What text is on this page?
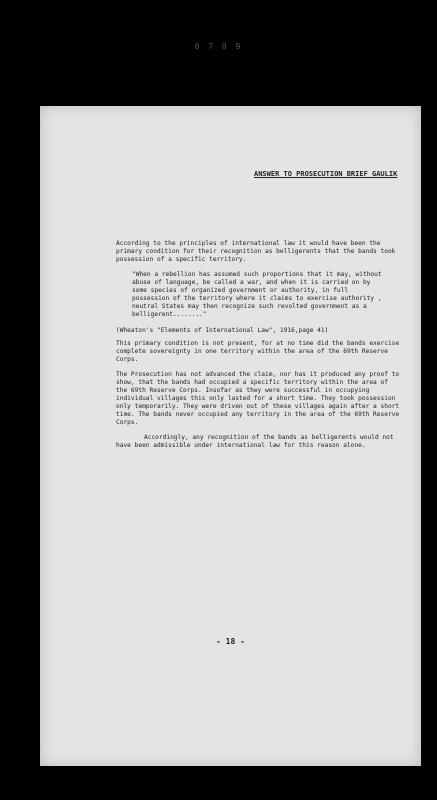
0 7 0 9
ANSWER TO PROSECUTION BRIEF GAULIK

According to the principles of international law it would have been the primary condition for their recognition as belligerents that the bands took possession of a specific territory.

"When a rebellion has assumed such proportions that it may, without abuse of language, be called a war, and when it is carried on by some species of organized government or authority, in full possession of the territory where it claims to exercise authority , neutral States may then recognize such revolted government as a belligerent........"

(Wheaton's "Elements of International Law", 1916,page 41)

This primary condition is not present, for at no time did the bands exercise complete sovereignty in one territory within the area of the 69th Reserve Corps.

The Prosecution has not advanced the claim, nor has it produced any proof to show, that the bands had occupied a specific territory within the area of the 69th Reserve Corps. Insofar as they were successful in occupying individual villages this only lasted for a short time. They took possession only temporarily. They were driven out of these villages again after a short time. The bands never occupied any territory in the area of the 69th Reserve Corps.

Accordingly, any recognition of the bands as belligerents would not have been admissible under international law for this reason alone.

- 18 -
